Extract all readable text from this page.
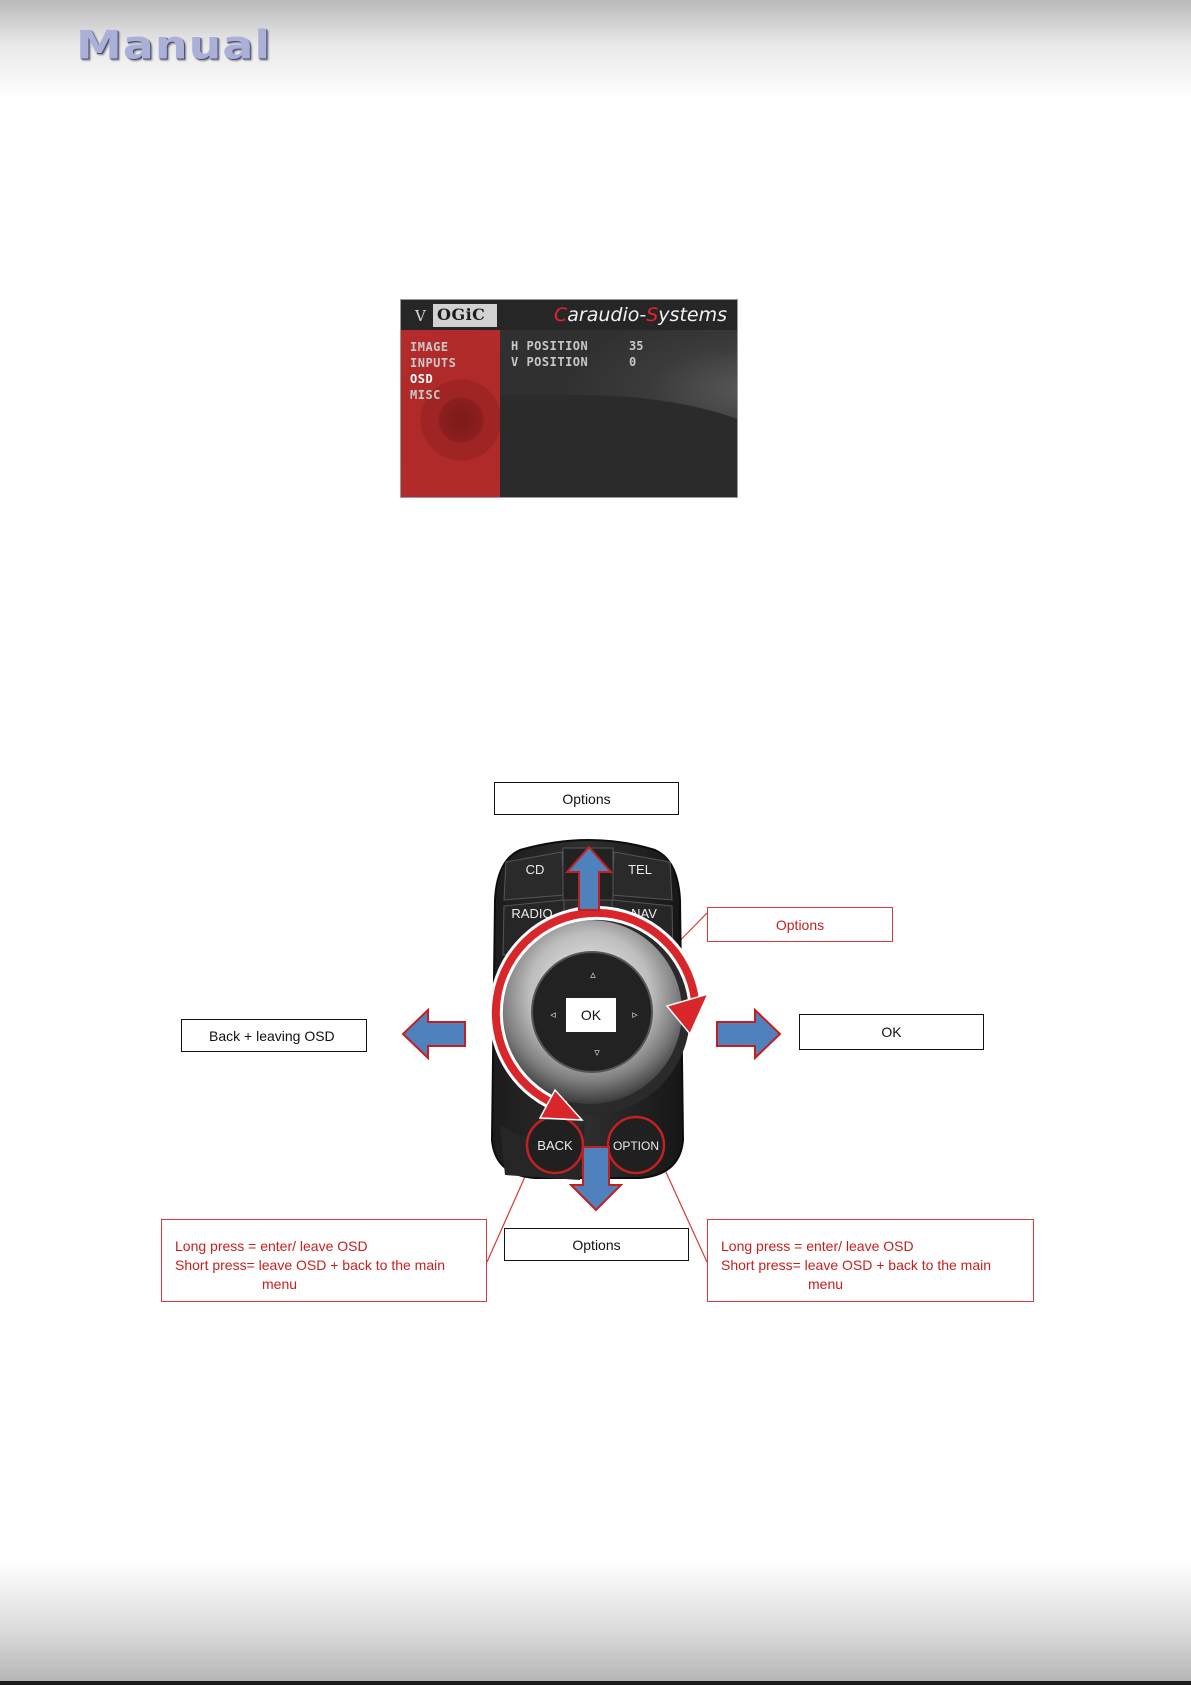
Manual
V OGiC	Caraudio-Systems
IMAGE
INPUTS
OSD
MISC
H POSITION	35
V POSITION	0
CD	TEL
RADIO	NAV
OK
▵
▿
◃	▹
BACK	OPTION
Options
Options
Back + leaving OSD	OK
Options
Long press = enter/ leave OSD
Short press= leave OSD + back to the main
menu
Long press = enter/ leave OSD
Short press= leave OSD + back to the main
menu
